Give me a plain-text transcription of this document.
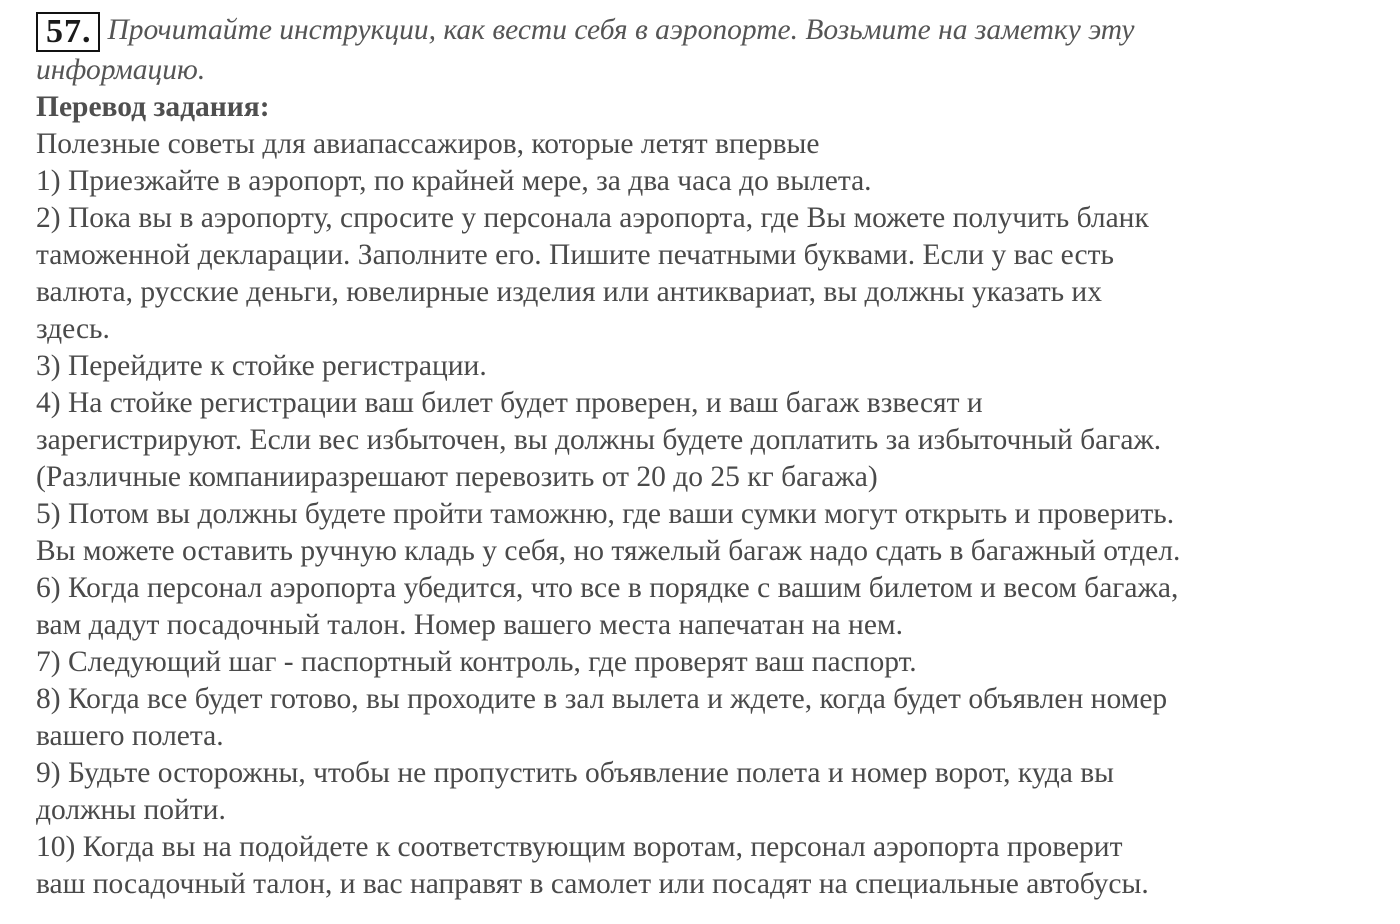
57. Прочитайте инструкции, как вести себя в аэропорте. Возьмите на заметку эту
информацию.
Перевод задания:
Полезные советы для авиапассажиров, которые летят впервые
1) Приезжайте в аэропорт, по крайней мере, за два часа до вылета.
2) Пока вы в аэропорту, спросите у персонала аэропорта, где Вы можете получить бланк
таможенной декларации. Заполните его. Пишите печатными буквами. Если у вас есть
валюта, русские деньги, ювелирные изделия или антиквариат, вы должны указать их
здесь.
3) Перейдите к стойке регистрации.
4) На стойке регистрации ваш билет будет проверен, и ваш багаж взвесят и
зарегистрируют. Если вес избыточен, вы должны будете доплатить за избыточный багаж.
(Различные компанииразрешают перевозить от 20 до 25 кг багажа)
5) Потом вы должны будете пройти таможню, где ваши сумки могут открыть и проверить.
Вы можете оставить ручную кладь у себя, но тяжелый багаж надо сдать в багажный отдел.
6) Когда персонал аэропорта убедится, что все в порядке с вашим билетом и весом багажа,
вам дадут посадочный талон. Номер вашего места напечатан на нем.
7) Следующий шаг - паспортный контроль, где проверят ваш паспорт.
8) Когда все будет готово, вы проходите в зал вылета и ждете, когда будет объявлен номер
вашего полета.
9) Будьте осторожны, чтобы не пропустить объявление полета и номер ворот, куда вы
должны пойти.
10) Когда вы на подойдете к соответствующим воротам, персонал аэропорта проверит
ваш посадочный талон, и вас направят в самолет или посадят на специальные автобусы.
